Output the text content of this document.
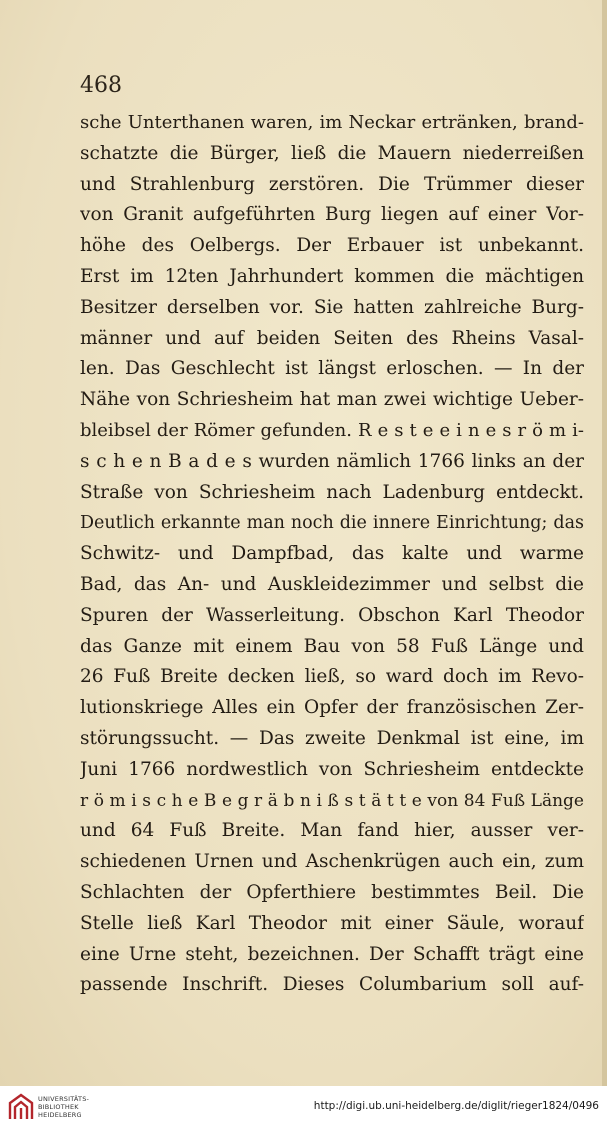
468

sche Unterthanen waren, im Neckar ertränken, brand-
schatzte die Bürger, ließ die Mauern niederreißen
und Strahlenburg zerstören. Die Trümmer dieser
von Granit aufgeführten Burg liegen auf einer Vor-
höhe des Oelbergs. Der Erbauer ist unbekannt.
Erst im 12ten Jahrhundert kommen die mächtigen
Besitzer derselben vor. Sie hatten zahlreiche Burg-
männer und auf beiden Seiten des Rheins Vasal-
len. Das Geschlecht ist längst erloschen. — In der
Nähe von Schriesheim hat man zwei wichtige Ueber-
bleibsel der Römer gefunden. R e s t e e i n e s r ö m i-
s c h e n B a d e s wurden nämlich 1766 links an der
Straße von Schriesheim nach Ladenburg entdeckt.
Deutlich erkannte man noch die innere Einrichtung; das
Schwitz- und Dampfbad, das kalte und warme
Bad, das An- und Auskleidezimmer und selbst die
Spuren der Wasserleitung. Obschon Karl Theodor
das Ganze mit einem Bau von 58 Fuß Länge und
26 Fuß Breite decken ließ, so ward doch im Revo-
lutionskriege Alles ein Opfer der französischen Zer-
störungssucht. — Das zweite Denkmal ist eine, im
Juni 1766 nordwestlich von Schriesheim entdeckte
r ö m i s c h e B e g r ä b n i ß s t ä t t e von 84 Fuß Länge
und 64 Fuß Breite. Man fand hier, ausser ver-
schiedenen Urnen und Aschenkrügen auch ein, zum
Schlachten der Opferthiere bestimmtes Beil. Die
Stelle ließ Karl Theodor mit einer Säule, worauf
eine Urne steht, bezeichnen. Der Schafft trägt eine
passende Inschrift. Dieses Columbarium soll auf-
UNIVERSITÄTS-
BIBLIOTHEK
HEIDELBERG
http://digi.ub.uni-heidelberg.de/diglit/rieger1824/0496
